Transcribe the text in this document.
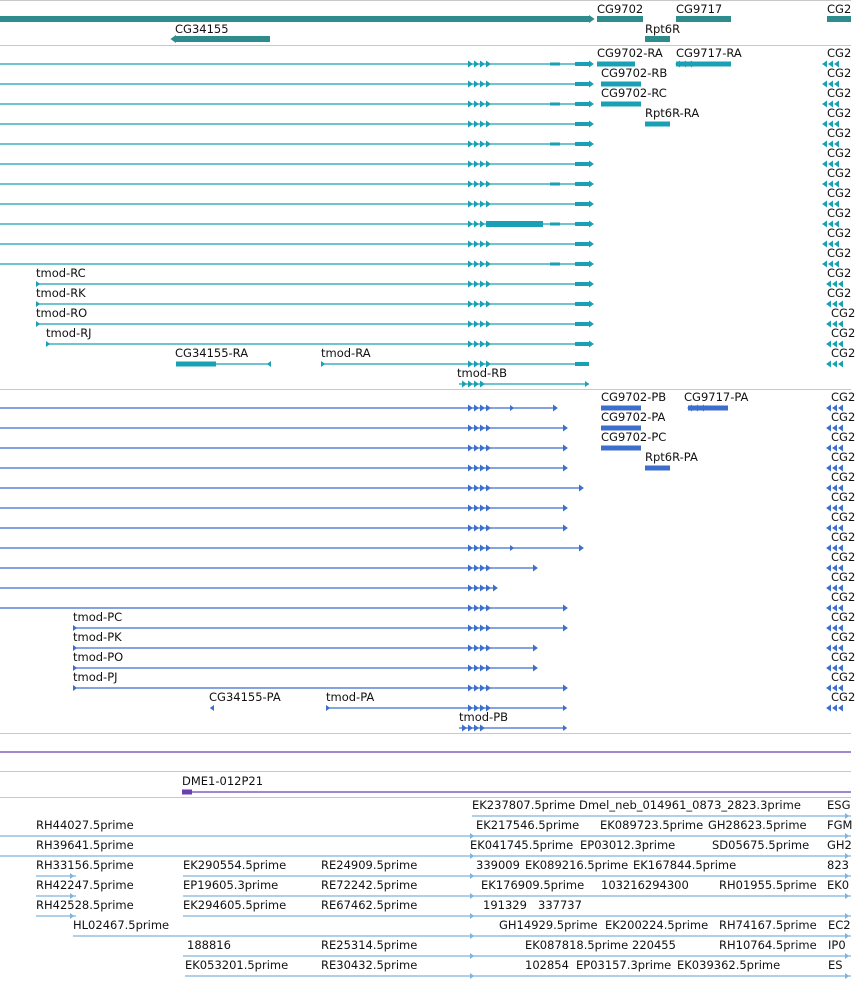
CG9702	CG9717	CG2
CG34155	Rpt6R
CG9702-RA CG9717-RA	CG2
CG9702-RB	CG2
CG9702-RC	CG2
Rpt6R-RA	CG2
CG2
CG2
CG2
CG2
CG2
CG2
CG2
tmod-RC	CG2
tmod-RK	CG2
tmod-RO	CG2
tmod-RJ	CG2
CG34155-RA	tmod-RA	CG2
tmod-RB
CG9702-PB CG9717-PA	CG2
CG9702-PA	CG2
CG9702-PC	CG2
Rpt6R-PA	CG2
CG2
CG2
CG2
CG2
CG2
CG2
CG2
tmod-PC	CG2
tmod-PK	CG2
tmod-PO	CG2
tmod-PJ	CG2
CG34155-PA	tmod-PA	CG2
tmod-PB
DME1-012P21
EK237807.5prime Dmel_neb_014961_0873_2823.3prime ESG
RH44027.5prime	EK217546.5prime EK089723.5prime GH28623.5prime FGM
RH39641.5prime	EK041745.5prime EP03012.3prime	SD05675.5prime GH2
RH33156.5prime	EK290554.5prime	RE24909.5prime	339009 EK089216.5prime EK167844.5prime	823
RH42247.5prime	EP19605.3prime	RE72242.5prime	EK176909.5prime 103216294300	RH01955.5prime EK0
RH42528.5prime	EK294605.5prime	RE67462.5prime	191329 337737
HL02467.5prime	GH14929.5prime EK200224.5prime RH74167.5prime EC2
188816	RE25314.5prime	EK087818.5prime 220455	RH10764.5prime IP0
EK053201.5prime	RE30432.5prime	102854 EP03157.3prime EK039362.5prime	ES
